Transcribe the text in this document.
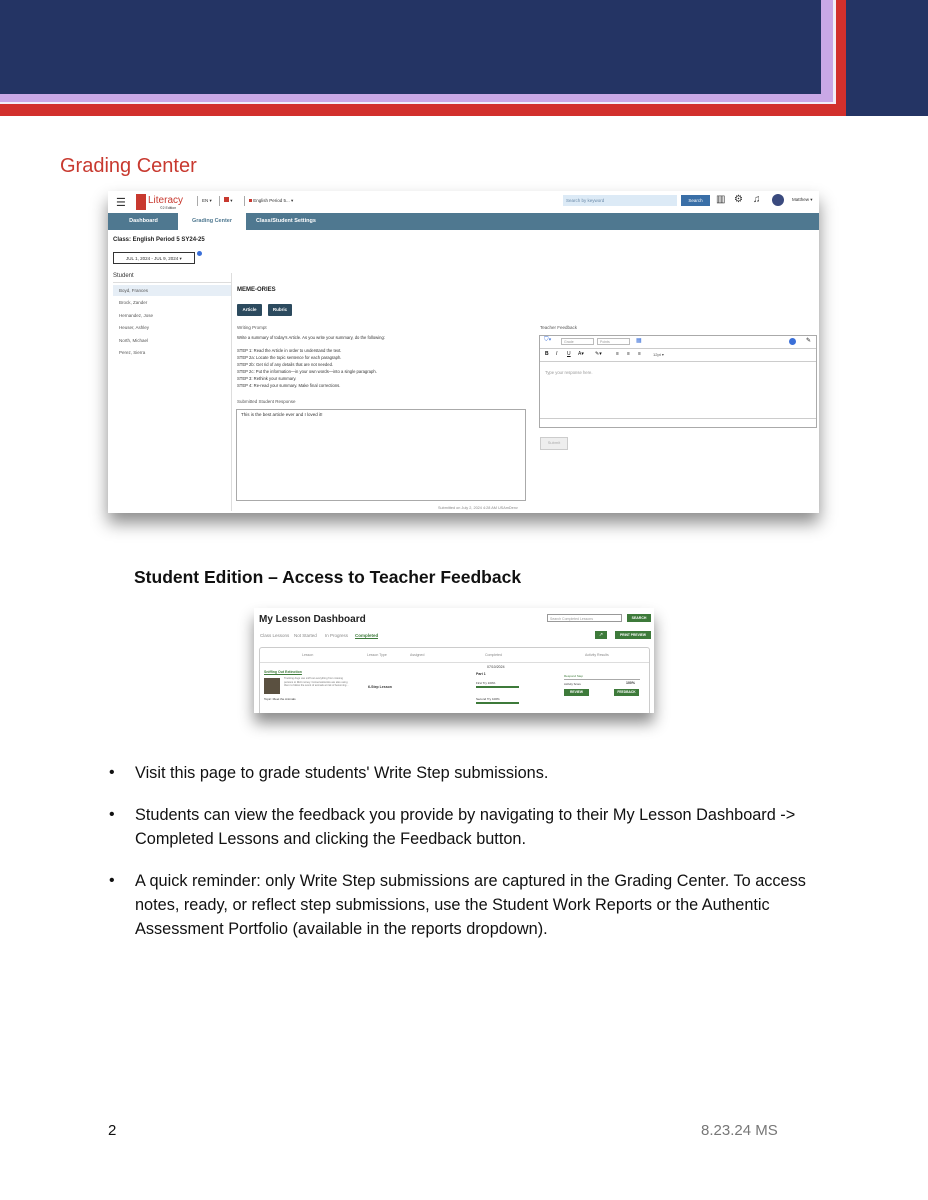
Grading Center
☰ Literacy
©2 Edition
EN ▾	▾	English Period 5... ▾	Search by keyword	Search	▥ ⚙ ♫	Matthew ▾
Dashboard	Grading Center	Class/Student Settings
Class: English Period 5 SY24-25
JUL 1, 2024 - JUL 9, 2024 ▾
Student
Boyd, Frances
Brock, Zander
Hernandez, Jose
Heuser, Ashley
North, Michael
Perez, Sierra
MEME-ORIES
Article	Rubric
Writing Prompt
Write a summary of today's Article. As you write your summary, do the following:
STEP 1: Read the Article in order to understand the text.
STEP 2a: Locate the topic sentence for each paragraph.
STEP 2b: Get rid of any details that are not needed.
STEP 2c: Put the information—in your own words—into a single paragraph.
STEP 3: Rethink your summary.
STEP 4: Re-read your summary. Make final corrections.
Submitted Student Response
This is the best article ever and I loved it!
Submitted on July 2, 2024 4:28 AM USAmDenv
Teacher Feedback
⛉▾	Grade	Points	▦	✎
B I U A▾ ✎▾	≡ ≡ ≡	12pt ▾
Type your response here.
Submit
Student Edition – Access to Teacher Feedback
My Lesson Dashboard	Search Completed Lessons	SEARCH
Class Lessons Not Started In Progress Completed	↗	PRINT PREVIEW
Lesson	Lesson Type	Assigned	Completed	Activity Results
Sniffing Out Extinction
Tracking dogs use sniff out everything from missing persons to illicit money. Conservationists are also using them to follow the scent of animals at risk of becoming...
Topic: Meet the Animals
6-Step Lesson
07/10/2024
Part 1
First Try 100%
Second Try 100%
Respond Step
Activity Score	100%
REVIEW	FEEDBACK
• Visit this page to grade students' Write Step submissions.
• Students can view the feedback you provide by navigating to their My Lesson Dashboard -> Completed Lessons and clicking the Feedback button.
• A quick reminder: only Write Step submissions are captured in the Grading Center. To access notes, ready, or reflect step submissions, use the Student Work Reports or the Authentic Assessment Portfolio (available in the reports dropdown).
2	8.23.24 MS
